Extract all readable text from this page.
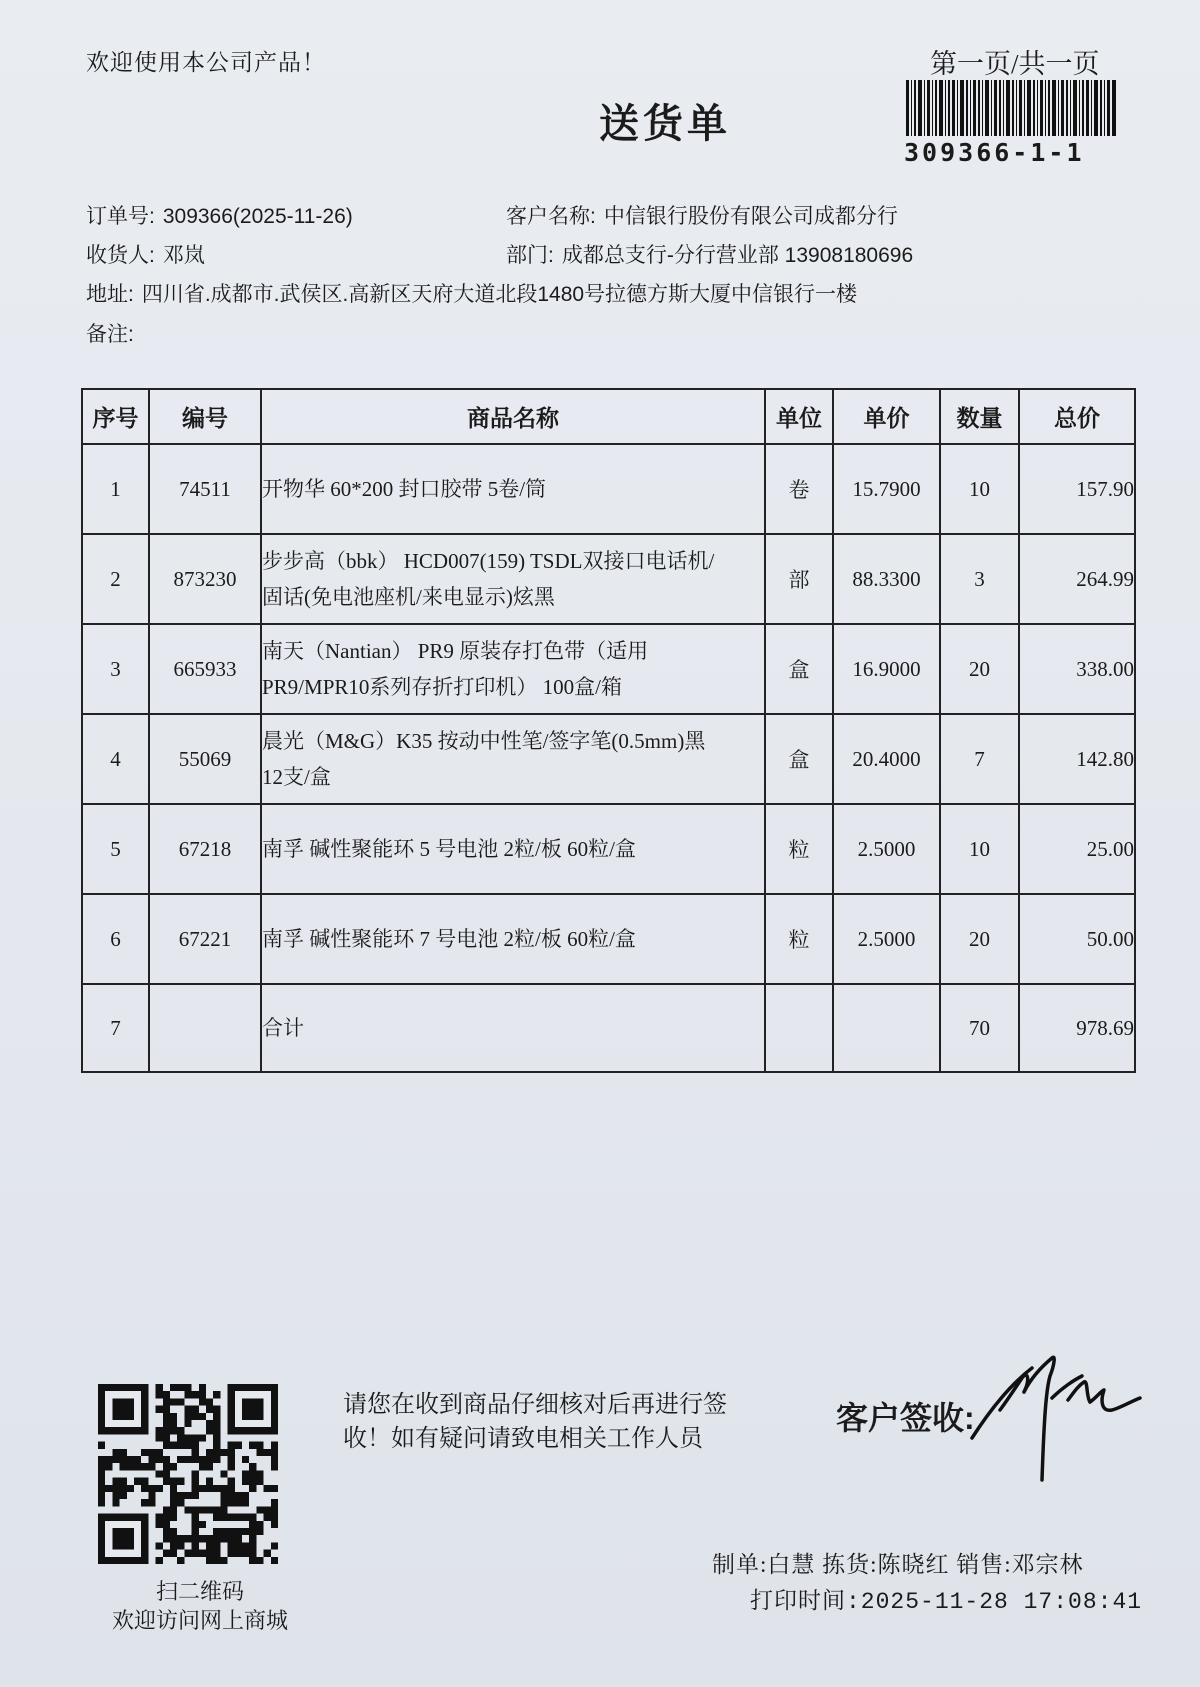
欢迎使用本公司产品！	第一页/共一页
送货单
309366-1-1
订单号: 309366(2025-11-26)	客户名称: 中信银行股份有限公司成都分行
收货人: 邓岚	部门: 成都总支行-分行营业部 13908180696
地址: 四川省.成都市.武侯区.高新区天府大道北段1480号拉德方斯大厦中信银行一楼
备注:
序号	编号	商品名称	单位	单价	数量	总价
1	74511	开物华 60*200 封口胶带 5卷/筒	卷	15.7900	10	157.90
2	873230	步步高（bbk） HCD007(159) TSDL双接口电话机/
固话(免电池座机/来电显示)炫黑	部	88.3300	3	264.99
3	665933	南天（Nantian） PR9 原装存打色带（适用
PR9/MPR10系列存折打印机） 100盒/箱	盒	16.9000	20	338.00
4	55069	晨光（M&G）K35 按动中性笔/签字笔(0.5mm)黑
12支/盒	盒	20.4000	7	142.80
5	67218	南孚 碱性聚能环 5 号电池 2粒/板 60粒/盒	粒	2.5000	10	25.00
6	67221	南孚 碱性聚能环 7 号电池 2粒/板 60粒/盒	粒	2.5000	20	50.00
7		合计			70	978.69
扫二维码
欢迎访问网上商城
请您在收到商品仔细核对后再进行签
收！如有疑问请致电相关工作人员
客户签收:
制单:白慧 拣货:陈晓红 销售:邓宗林
打印时间:2025-11-28 17:08:41
